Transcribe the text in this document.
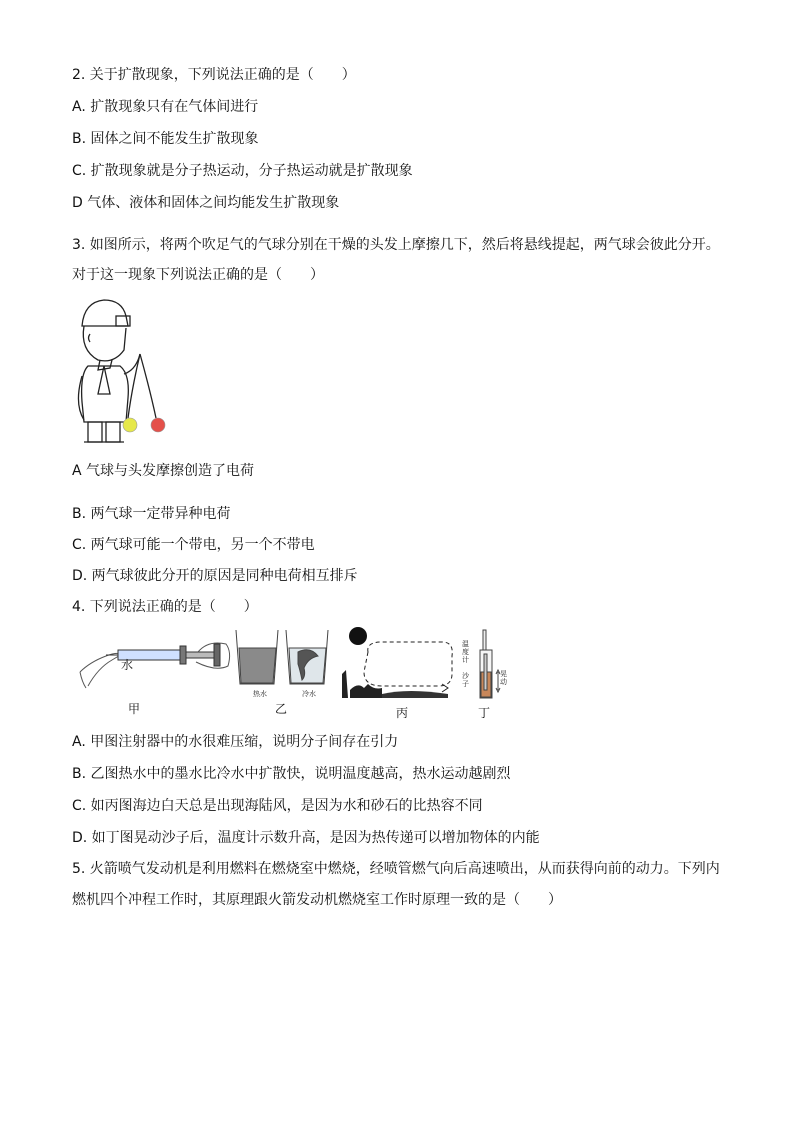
2. 关于扩散现象，下列说法正确的是（　　）
A. 扩散现象只有在气体间进行
B. 固体之间不能发生扩散现象
C. 扩散现象就是分子热运动，分子热运动就是扩散现象
D 气体、液体和固体之间均能发生扩散现象
3. 如图所示，将两个吹足气的气球分别在干燥的头发上摩擦几下，然后将悬线提起，两气球会彼此分开。
对于这一现象下列说法正确的是（　　）
A 气球与头发摩擦创造了电荷
B. 两气球一定带异种电荷
C. 两气球可能一个带电，另一个不带电
D. 两气球彼此分开的原因是同种电荷相互排斥
4. 下列说法正确的是（　　）
水
甲
热水	冷水
乙	丙
温度计
沙子
晃动
丁
A. 甲图注射器中的水很难压缩，说明分子间存在引力
B. 乙图热水中的墨水比冷水中扩散快，说明温度越高，热水运动越剧烈
C. 如丙图海边白天总是出现海陆风，是因为水和砂石的比热容不同
D. 如丁图晃动沙子后，温度计示数升高，是因为热传递可以增加物体的内能
5. 火箭喷气发动机是利用燃料在燃烧室中燃烧，经喷管燃气向后高速喷出，从而获得向前的动力。下列内
燃机四个冲程工作时，其原理跟火箭发动机燃烧室工作时原理一致的是（　　）
